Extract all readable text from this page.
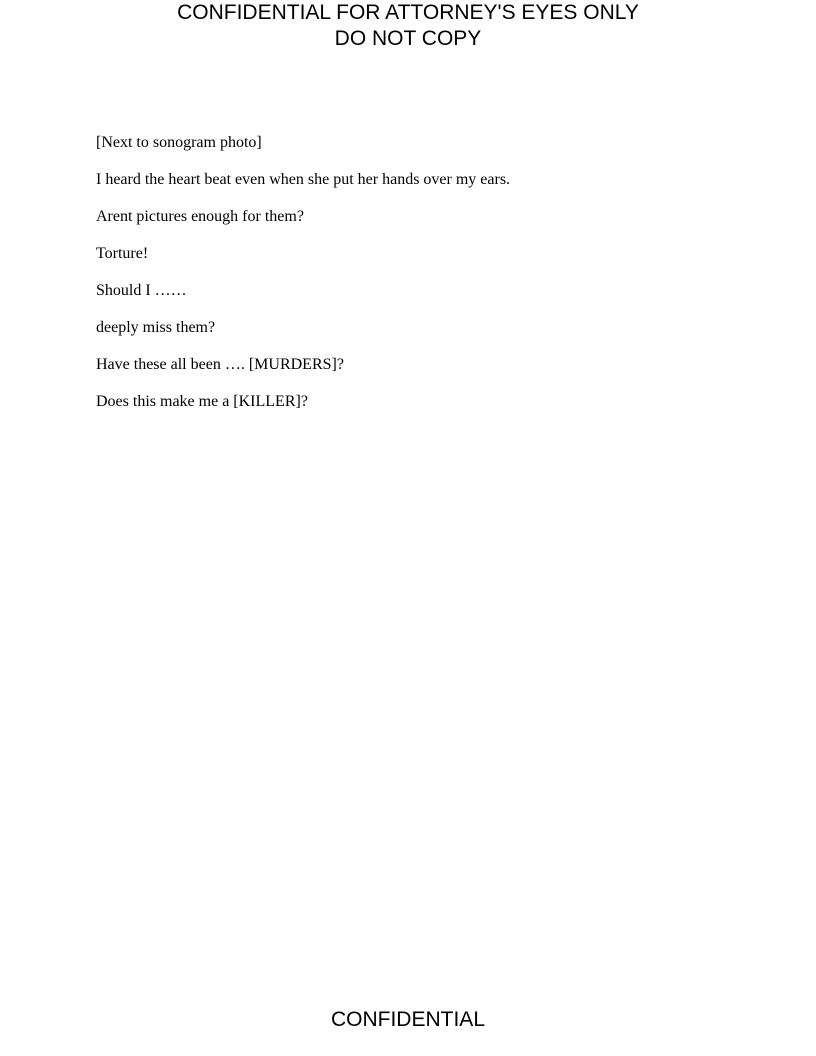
CONFIDENTIAL FOR ATTORNEY'S EYES ONLY
DO NOT COPY

[Next to sonogram photo]

I heard the heart beat even when she put her hands over my ears.

Arent pictures enough for them?

Torture!

Should I ……

deeply miss them?

Have these all been …. [MURDERS]?

Does this make me a [KILLER]?

CONFIDENTIAL
